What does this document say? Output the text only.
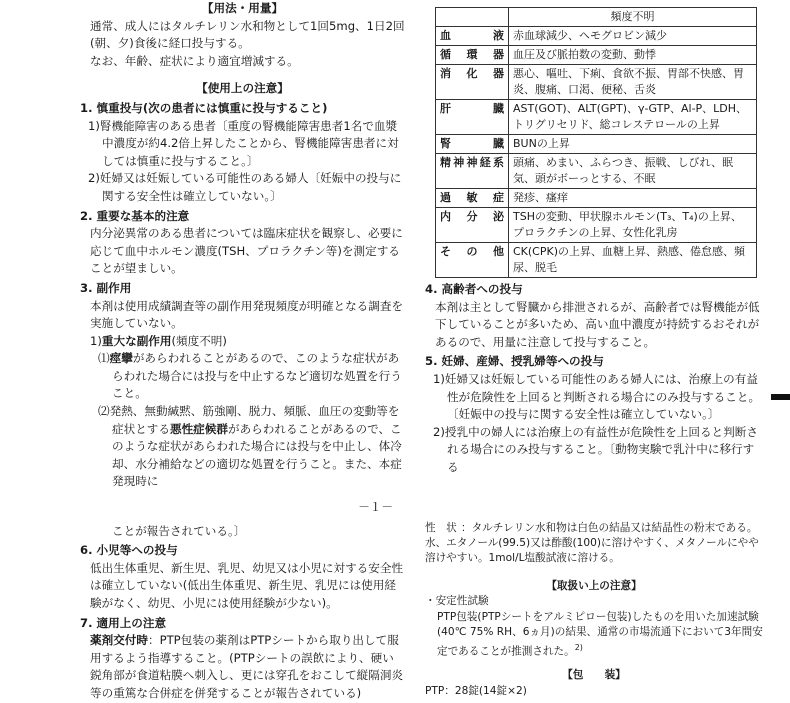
【用法・用量】
通常、成人にはタルチレリン水和物として1回5mg、1日2回(朝、夕)食後に経口投与する。
なお、年齢、症状により適宜増減する。
【使用上の注意】
1. 慎重投与(次の患者には慎重に投与すること)
1)腎機能障害のある患者〔重度の腎機能障害患者1名で血漿中濃度が約4.2倍上昇したことから、腎機能障害患者に対しては慎重に投与すること。〕
2)妊婦又は妊娠している可能性のある婦人〔妊娠中の投与に関する安全性は確立していない。〕
2. 重要な基本的注意
内分泌異常のある患者については臨床症状を観察し、必要に応じて血中ホルモン濃度(TSH、プロラクチン等)を測定することが望ましい。
3. 副作用
本剤は使用成績調査等の副作用発現頻度が明確となる調査を実施していない。
1)重大な副作用(頻度不明)
⑴痙攣があらわれることがあるので、このような症状があらわれた場合には投与を中止するなど適切な処置を行うこと。
⑵発熱、無動緘黙、筋強剛、脱力、頻脈、血圧の変動等を症状とする悪性症候群があらわれることがあるので、このような症状があらわれた場合には投与を中止し、体冷却、水分補給などの適切な処置を行うこと。また、本症発現時に
－１－
ことが報告されている。〕
6. 小児等への投与
低出生体重児、新生児、乳児、幼児又は小児に対する安全性は確立していない(低出生体重児、新生児、乳児には使用経験がなく、幼児、小児には使用経験が少ない)。
7. 適用上の注意
薬剤交付時：PTP包装の薬剤はPTPシートから取り出して服用するよう指導すること。(PTPシートの誤飲により、硬い鋭角部が食道粘膜へ刺入し、更には穿孔をおこして縦隔洞炎等の重篤な合併症を併発することが報告されている)
	頻度不明
血　液	赤血球減少、ヘモグロビン減少
循環器	血圧及び脈拍数の変動、動悸
消化器	悪心、嘔吐、下痢、食欲不振、胃部不快感、胃炎、腹痛、口渇、便秘、舌炎
肝　臓	AST(GOT)、ALT(GPT)、γ-GTP、Al-P、LDH、トリグリセリド、総コレステロールの上昇
腎　臓	BUNの上昇
精神神経系	頭痛、めまい、ふらつき、振戦、しびれ、眠気、頭がボーっとする、不眠
過敏症	発疹、瘙痒
内分泌	TSHの変動、甲状腺ホルモン(T₃、T₄)の上昇、プロラクチンの上昇、女性化乳房
その他	CK(CPK)の上昇、血糖上昇、熱感、倦怠感、頻尿、脱毛
4. 高齢者への投与
本剤は主として腎臓から排泄されるが、高齢者では腎機能が低下していることが多いため、高い血中濃度が持続するおそれがあるので、用量に注意して投与すること。
5. 妊婦、産婦、授乳婦等への投与
1)妊婦又は妊娠している可能性のある婦人には、治療上の有益性が危険性を上回ると判断される場合にのみ投与すること。〔妊娠中の投与に関する安全性は確立していない。〕
2)授乳中の婦人には治療上の有益性が危険性を上回ると判断される場合にのみ投与すること。〔動物実験で乳汁中に移行する
性　状 ：タルチレリン水和物は白色の結晶又は結晶性の粉末である。水、エタノール(99.5)又は酢酸(100)に溶けやすく、メタノールにやや溶けやすい。1mol/L塩酸試液に溶ける。
【取扱い上の注意】
・安定性試験
PTP包装(PTPシートをアルミピロー包装)したものを用いた加速試験(40℃ 75% RH、6ヵ月)の結果、通常の市場流通下において3年間安定であることが推測された。$^{2)}$
【包　　装】
PTP：28錠(14錠×2)
